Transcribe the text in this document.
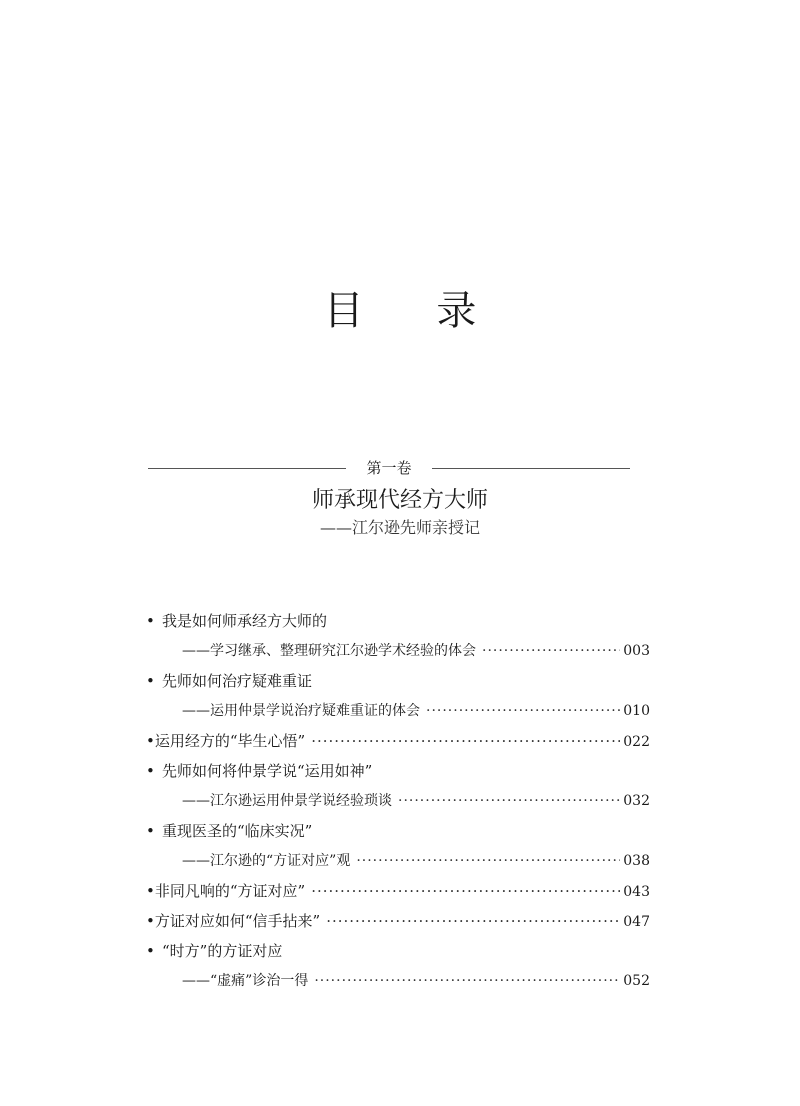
目 录
第一卷
师承现代经方大师
——江尔逊先师亲授记
• 我是如何师承经方大师的
——学习继承、整理研究江尔逊学术经验的体会 ·····	003
• 先师如何治疗疑难重证
——运用仲景学说治疗疑难重证的体会 ·····	010
• 运用经方的“毕生心悟” ·····	022
• 先师如何将仲景学说“运用如神”
——江尔逊运用仲景学说经验琐谈 ·····	032
• 重现医圣的“临床实况”
——江尔逊的“方证对应”观 ·····	038
• 非同凡响的“方证对应” ·····	043
• 方证对应如何“信手拈来” ·····	047
• “时方”的方证对应
——“虚痛”诊治一得 ·····	052
